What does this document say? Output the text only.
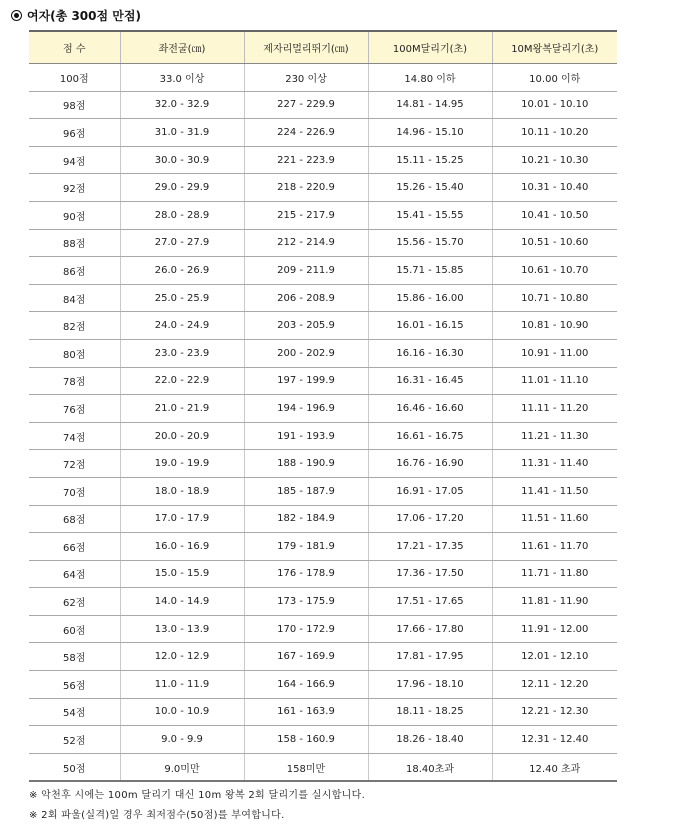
여자(총 300점 만점)
점 수	좌전굴(㎝)	제자리멀리뛰기(㎝)	100M달리기(초)	10M왕복달리기(초)
100점	33.0 이상	230 이상	14.80 이하	10.00 이하
98점	32.0 - 32.9	227 - 229.9	14.81 - 14.95	10.01 - 10.10
96점	31.0 - 31.9	224 - 226.9	14.96 - 15.10	10.11 - 10.20
94점	30.0 - 30.9	221 - 223.9	15.11 - 15.25	10.21 - 10.30
92점	29.0 - 29.9	218 - 220.9	15.26 - 15.40	10.31 - 10.40
90점	28.0 - 28.9	215 - 217.9	15.41 - 15.55	10.41 - 10.50
88점	27.0 - 27.9	212 - 214.9	15.56 - 15.70	10.51 - 10.60
86점	26.0 - 26.9	209 - 211.9	15.71 - 15.85	10.61 - 10.70
84점	25.0 - 25.9	206 - 208.9	15.86 - 16.00	10.71 - 10.80
82점	24.0 - 24.9	203 - 205.9	16.01 - 16.15	10.81 - 10.90
80점	23.0 - 23.9	200 - 202.9	16.16 - 16.30	10.91 - 11.00
78점	22.0 - 22.9	197 - 199.9	16.31 - 16.45	11.01 - 11.10
76점	21.0 - 21.9	194 - 196.9	16.46 - 16.60	11.11 - 11.20
74점	20.0 - 20.9	191 - 193.9	16.61 - 16.75	11.21 - 11.30
72점	19.0 - 19.9	188 - 190.9	16.76 - 16.90	11.31 - 11.40
70점	18.0 - 18.9	185 - 187.9	16.91 - 17.05	11.41 - 11.50
68점	17.0 - 17.9	182 - 184.9	17.06 - 17.20	11.51 - 11.60
66점	16.0 - 16.9	179 - 181.9	17.21 - 17.35	11.61 - 11.70
64점	15.0 - 15.9	176 - 178.9	17.36 - 17.50	11.71 - 11.80
62점	14.0 - 14.9	173 - 175.9	17.51 - 17.65	11.81 - 11.90
60점	13.0 - 13.9	170 - 172.9	17.66 - 17.80	11.91 - 12.00
58점	12.0 - 12.9	167 - 169.9	17.81 - 17.95	12.01 - 12.10
56점	11.0 - 11.9	164 - 166.9	17.96 - 18.10	12.11 - 12.20
54점	10.0 - 10.9	161 - 163.9	18.11 - 18.25	12.21 - 12.30
52점	9.0 - 9.9	158 - 160.9	18.26 - 18.40	12.31 - 12.40
50점	9.0미만	158미만	18.40초과	12.40 초과
※ 악천후 시에는 100m 달리기 대신 10m 왕복 2회 달리기를 실시합니다.
※ 2회 파울(실격)일 경우 최저점수(50점)를 부여합니다.
